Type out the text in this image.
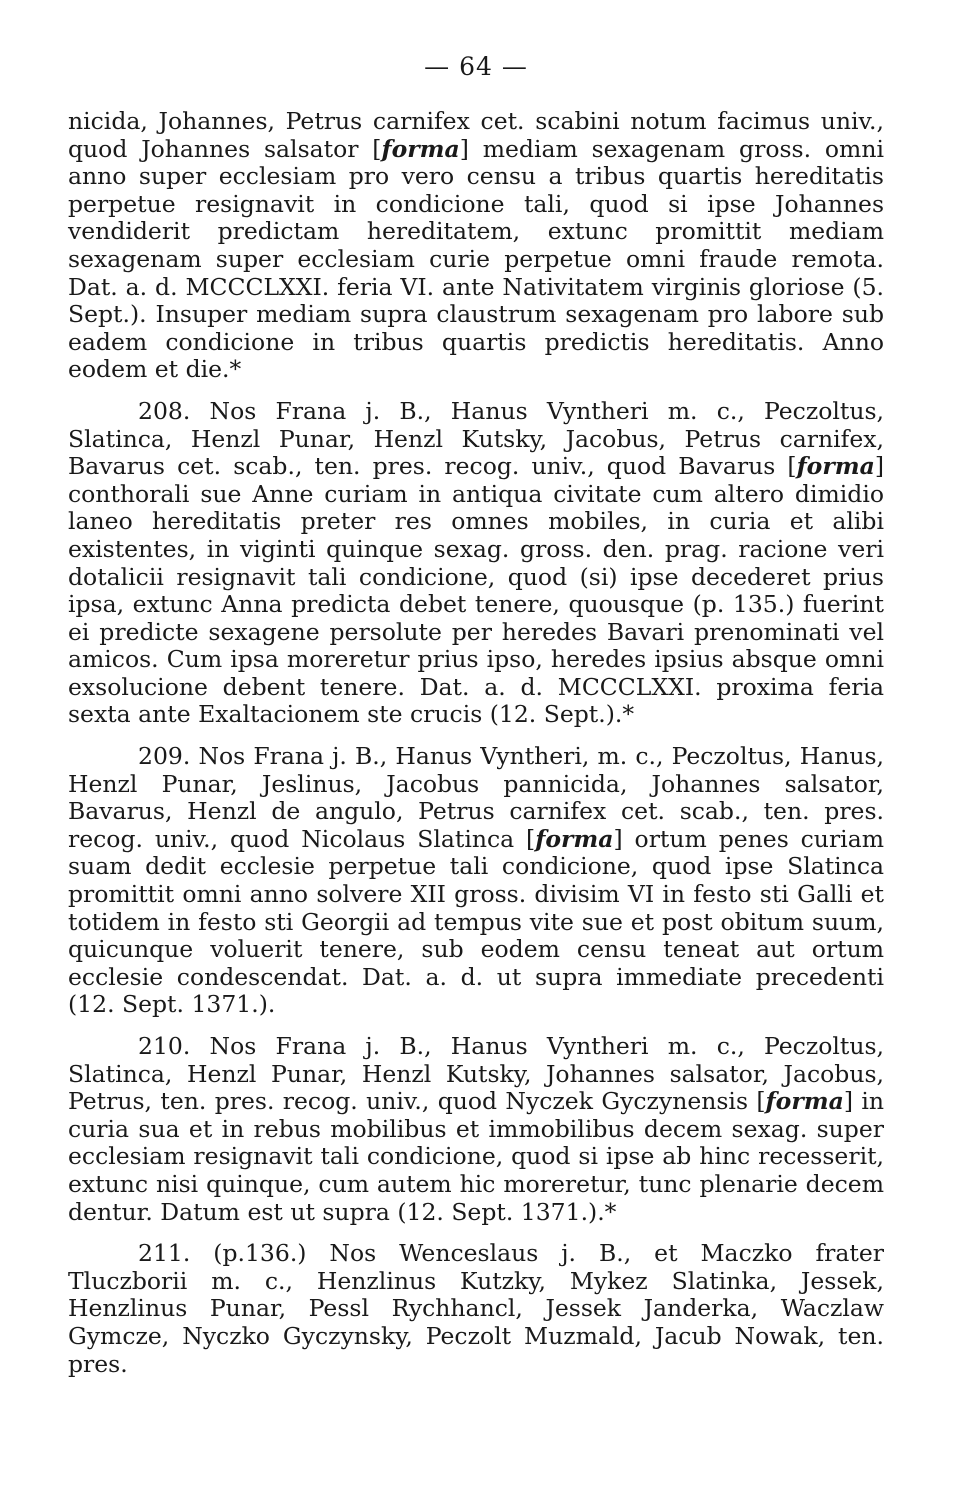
— 64 —

nicida, Johannes, Petrus carnifex cet. scabini notum facimus univ., quod Johannes salsator [forma] mediam sexagenam gross. omni anno super ecclesiam pro vero censu a tribus quartis hereditatis perpetue resignavit in condicione tali, quod si ipse Johannes vendiderit predictam hereditatem, extunc promittit mediam sexagenam super ecclesiam curie perpetue omni fraude remota. Dat. a. d. MCCCLXXI. feria VI. ante Nativitatem virginis gloriose (5. Sept.). Insuper mediam supra claustrum sexagenam pro labore sub eadem condicione in tribus quartis predictis hereditatis. Anno eodem et die.*

208. Nos Frana j. B., Hanus Vyntheri m. c., Peczoltus, Slatinca, Henzl Punar, Henzl Kutsky, Jacobus, Petrus carnifex, Bavarus cet. scab., ten. pres. recog. univ., quod Bavarus [forma] conthorali sue Anne curiam in antiqua civitate cum altero dimidio laneo hereditatis preter res omnes mobiles, in curia et alibi existentes, in viginti quinque sexag. gross. den. prag. racione veri dotalicii resignavit tali condicione, quod (si) ipse decederet prius ipsa, extunc Anna predicta debet tenere, quousque (p. 135.) fuerint ei predicte sexagene persolute per heredes Bavari prenominati vel amicos. Cum ipsa moreretur prius ipso, heredes ipsius absque omni exsolucione debent tenere. Dat. a. d. MCCCLXXI. proxima feria sexta ante Exaltacionem ste crucis (12. Sept.).*

209. Nos Frana j. B., Hanus Vyntheri, m. c., Peczoltus, Hanus, Henzl Punar, Jeslinus, Jacobus pannicida, Johannes salsator, Bavarus, Henzl de angulo, Petrus carnifex cet. scab., ten. pres. recog. univ., quod Nicolaus Slatinca [forma] ortum penes curiam suam dedit ecclesie perpetue tali condicione, quod ipse Slatinca promittit omni anno solvere XII gross. divisim VI in festo sti Galli et totidem in festo sti Georgii ad tempus vite sue et post obitum suum, quicunque voluerit tenere, sub eodem censu teneat aut ortum ecclesie condescendat. Dat. a. d. ut supra immediate precedenti (12. Sept. 1371.).

210. Nos Frana j. B., Hanus Vyntheri m. c., Peczoltus, Slatinca, Henzl Punar, Henzl Kutsky, Johannes salsator, Jacobus, Petrus, ten. pres. recog. univ., quod Nyczek Gyczynensis [forma] in curia sua et in rebus mobilibus et immobilibus decem sexag. super ecclesiam resignavit tali condicione, quod si ipse ab hinc recesserit, extunc nisi quinque, cum autem hic moreretur, tunc plenarie decem dentur. Datum est ut supra (12. Sept. 1371.).*

211. (p.136.) Nos Wenceslaus j. B., et Maczko frater Tluczborii m. c., Henzlinus Kutzky, Mykez Slatinka, Jessek, Henzlinus Punar, Pessl Rychhancl, Jessek Janderka, Waczlaw Gymcze, Nyczko Gyczynsky, Peczolt Muzmald, Jacub Nowak, ten. pres.
